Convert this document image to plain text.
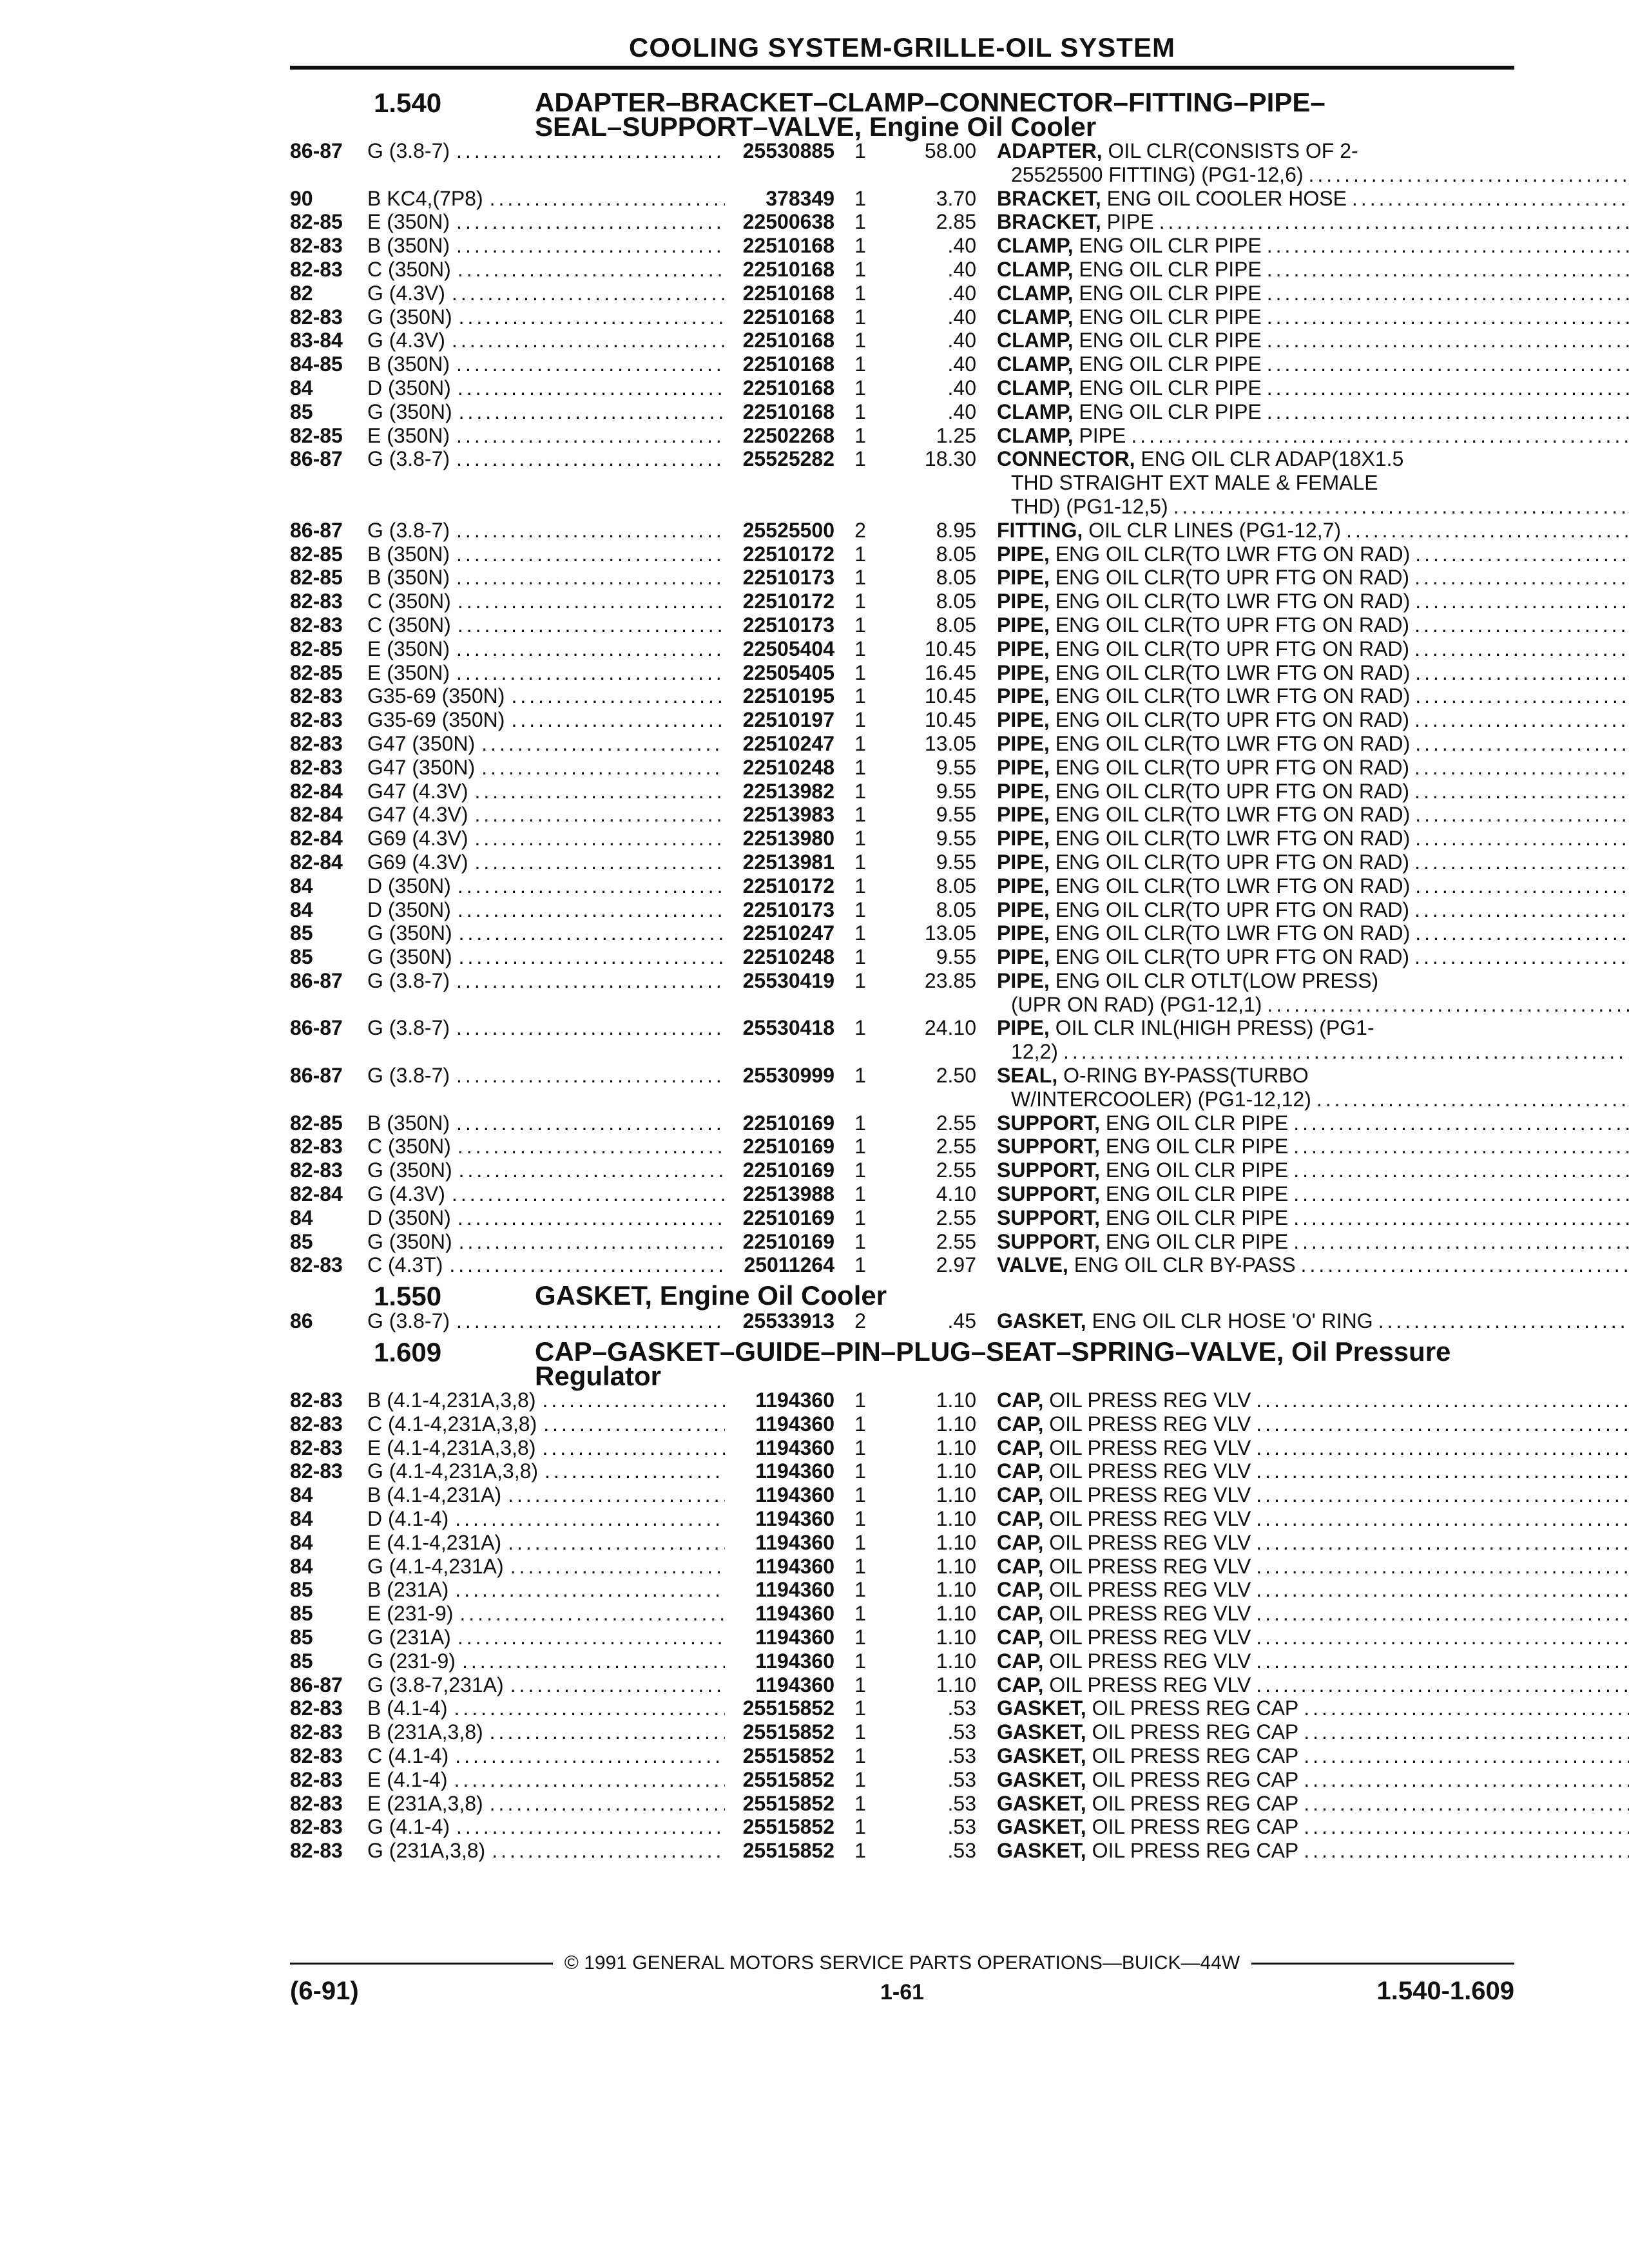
COOLING SYSTEM-GRILLE-OIL SYSTEM
1.540	ADAPTER–BRACKET–CLAMP–CONNECTOR–FITTING–PIPE–
SEAL–SUPPORT–VALVE, Engine Oil Cooler
86-87	G (3.8-7) .....	25530885 1	58.00 ADAPTER, OIL CLR(CONSISTS OF 2-
25525500 FITTING) (PG1-12,6)
.....
90	B KC4,(7P8) .....	378349 1	3.70 BRACKET, ENG OIL COOLER HOSE
.....
82-85	E (350N) .....	22500638 1	2.85 BRACKET, PIPE
.....
82-83	B (350N) .....	22510168 1	.40 CLAMP, ENG OIL CLR PIPE
.....
82-83	C (350N) .....	22510168 1	.40 CLAMP, ENG OIL CLR PIPE
.....
82	G (4.3V) .....	22510168 1	.40 CLAMP, ENG OIL CLR PIPE
.....
82-83	G (350N) .....	22510168 1	.40 CLAMP, ENG OIL CLR PIPE
.....
83-84	G (4.3V) .....	22510168 1	.40 CLAMP, ENG OIL CLR PIPE
.....
84-85	B (350N) .....	22510168 1	.40 CLAMP, ENG OIL CLR PIPE
.....
84	D (350N) .....	22510168 1	.40 CLAMP, ENG OIL CLR PIPE
.....
85	G (350N) .....	22510168 1	.40 CLAMP, ENG OIL CLR PIPE
.....
82-85	E (350N) .....	22502268 1	1.25 CLAMP, PIPE
.....
86-87	G (3.8-7) .....	25525282 1	18.30 CONNECTOR, ENG OIL CLR ADAP(18X1.5
THD STRAIGHT EXT MALE & FEMALE
THD) (PG1-12,5)
.....
86-87	G (3.8-7) .....	25525500 2	8.95 FITTING, OIL CLR LINES (PG1-12,7)
.....
82-85	B (350N) .....	22510172 1	8.05 PIPE, ENG OIL CLR(TO LWR FTG ON RAD)
.....
82-85	B (350N) .....	22510173 1	8.05 PIPE, ENG OIL CLR(TO UPR FTG ON RAD)
.....
82-83	C (350N) .....	22510172 1	8.05 PIPE, ENG OIL CLR(TO LWR FTG ON RAD)
.....
82-83	C (350N) .....	22510173 1	8.05 PIPE, ENG OIL CLR(TO UPR FTG ON RAD)
.....
82-85	E (350N) .....	22505404 1	10.45 PIPE, ENG OIL CLR(TO UPR FTG ON RAD)
.....
82-85	E (350N) .....	22505405 1	16.45 PIPE, ENG OIL CLR(TO LWR FTG ON RAD)
.....
82-83	G35-69 (350N) .....	22510195 1	10.45 PIPE, ENG OIL CLR(TO LWR FTG ON RAD)
.....
82-83	G35-69 (350N) .....	22510197 1	10.45 PIPE, ENG OIL CLR(TO UPR FTG ON RAD)
.....
82-83	G47 (350N) .....	22510247 1	13.05 PIPE, ENG OIL CLR(TO LWR FTG ON RAD)
.....
82-83	G47 (350N) .....	22510248 1	9.55 PIPE, ENG OIL CLR(TO UPR FTG ON RAD)
.....
82-84	G47 (4.3V) .....	22513982 1	9.55 PIPE, ENG OIL CLR(TO UPR FTG ON RAD)
.....
82-84	G47 (4.3V) .....	22513983 1	9.55 PIPE, ENG OIL CLR(TO LWR FTG ON RAD)
.....
82-84	G69 (4.3V) .....	22513980 1	9.55 PIPE, ENG OIL CLR(TO LWR FTG ON RAD)
.....
82-84	G69 (4.3V) .....	22513981 1	9.55 PIPE, ENG OIL CLR(TO UPR FTG ON RAD)
.....
84	D (350N) .....	22510172 1	8.05 PIPE, ENG OIL CLR(TO LWR FTG ON RAD)
.....
84	D (350N) .....	22510173 1	8.05 PIPE, ENG OIL CLR(TO UPR FTG ON RAD)
.....
85	G (350N) .....	22510247 1	13.05 PIPE, ENG OIL CLR(TO LWR FTG ON RAD)
.....
85	G (350N) .....	22510248 1	9.55 PIPE, ENG OIL CLR(TO UPR FTG ON RAD)
.....
86-87	G (3.8-7) .....	25530419 1	23.85 PIPE, ENG OIL CLR OTLT(LOW PRESS)
(UPR ON RAD) (PG1-12,1)
.....
86-87	G (3.8-7) .....	25530418 1	24.10 PIPE, OIL CLR INL(HIGH PRESS) (PG1-
12,2)
.....
86-87	G (3.8-7) .....	25530999 1	2.50 SEAL, O-RING BY-PASS(TURBO
W/INTERCOOLER) (PG1-12,12)
.....
82-85	B (350N) .....	22510169 1	2.55 SUPPORT, ENG OIL CLR PIPE
.....
82-83	C (350N) .....	22510169 1	2.55 SUPPORT, ENG OIL CLR PIPE
.....
82-83	G (350N) .....	22510169 1	2.55 SUPPORT, ENG OIL CLR PIPE
.....
82-84	G (4.3V) .....	22513988 1	4.10 SUPPORT, ENG OIL CLR PIPE
.....
84	D (350N) .....	22510169 1	2.55 SUPPORT, ENG OIL CLR PIPE
.....
85	G (350N) .....	22510169 1	2.55 SUPPORT, ENG OIL CLR PIPE
.....
82-83	C (4.3T) .....	25011264 1	2.97 VALVE, ENG OIL CLR BY-PASS
.....
1.550	GASKET, Engine Oil Cooler
86	G (3.8-7) .....	25533913 2	.45 GASKET, ENG OIL CLR HOSE 'O' RING
.....
1.609	CAP–GASKET–GUIDE–PIN–PLUG–SEAT–SPRING–VALVE, Oil Pressure
Regulator
82-83	B (4.1-4,231A,3,8) .....	1194360 1	1.10 CAP, OIL PRESS REG VLV
.....
82-83	C (4.1-4,231A,3,8) .....	1194360 1	1.10 CAP, OIL PRESS REG VLV
.....
82-83	E (4.1-4,231A,3,8) .....	1194360 1	1.10 CAP, OIL PRESS REG VLV
.....
82-83	G (4.1-4,231A,3,8) .....	1194360 1	1.10 CAP, OIL PRESS REG VLV
.....
84	B (4.1-4,231A) .....	1194360 1	1.10 CAP, OIL PRESS REG VLV
.....
84	D (4.1-4) .....	1194360 1	1.10 CAP, OIL PRESS REG VLV
.....
84	E (4.1-4,231A) .....	1194360 1	1.10 CAP, OIL PRESS REG VLV
.....
84	G (4.1-4,231A) .....	1194360 1	1.10 CAP, OIL PRESS REG VLV
.....
85	B (231A) .....	1194360 1	1.10 CAP, OIL PRESS REG VLV
.....
85	E (231-9) .....	1194360 1	1.10 CAP, OIL PRESS REG VLV
.....
85	G (231A) .....	1194360 1	1.10 CAP, OIL PRESS REG VLV
.....
85	G (231-9) .....	1194360 1	1.10 CAP, OIL PRESS REG VLV
.....
86-87	G (3.8-7,231A) .....	1194360 1	1.10 CAP, OIL PRESS REG VLV
.....
82-83	B (4.1-4) .....	25515852 1	.53 GASKET, OIL PRESS REG CAP
.....
82-83	B (231A,3,8) .....	25515852 1	.53 GASKET, OIL PRESS REG CAP
.....
82-83	C (4.1-4) .....	25515852 1	.53 GASKET, OIL PRESS REG CAP
.....
82-83	E (4.1-4) .....	25515852 1	.53 GASKET, OIL PRESS REG CAP
.....
82-83	E (231A,3,8) .....	25515852 1	.53 GASKET, OIL PRESS REG CAP
.....
82-83	G (4.1-4) .....	25515852 1	.53 GASKET, OIL PRESS REG CAP
.....
82-83	G (231A,3,8) .....	25515852 1	.53 GASKET, OIL PRESS REG CAP
.....
© 1991 GENERAL MOTORS SERVICE PARTS OPERATIONS—BUICK—44W
(6-91)	1-61	1.540-1.609
